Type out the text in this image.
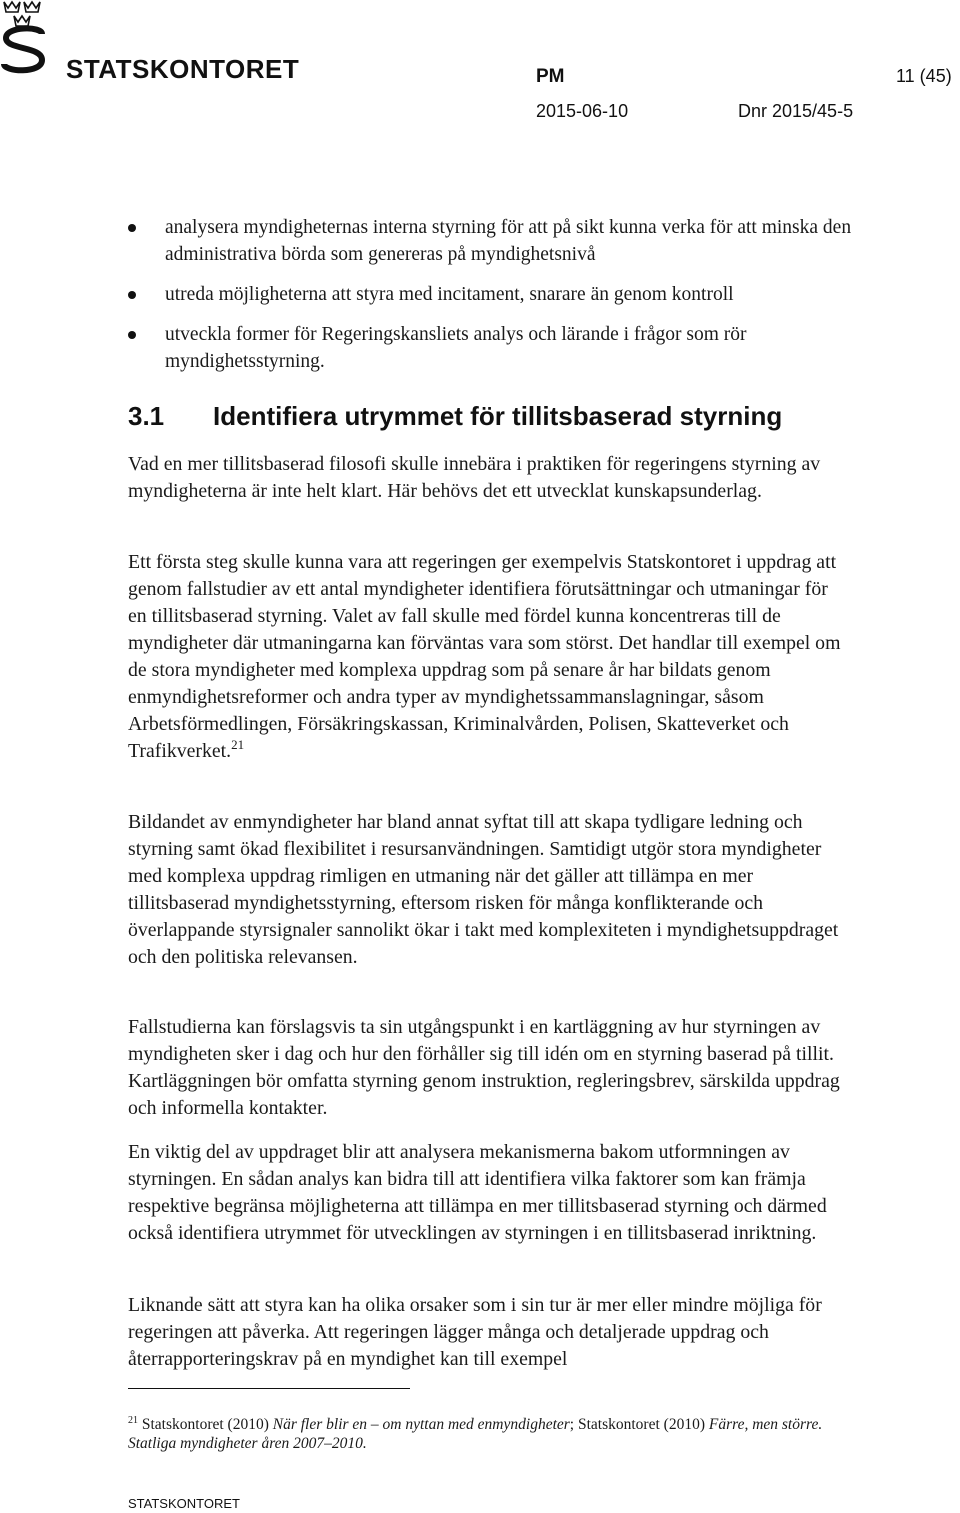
STATSKONTORET	PM	11 (45)
2015-06-10	Dnr 2015/45-5
analysera myndigheternas interna styrning för att på sikt kunna verka för att minska den administrativa börda som genereras på myndighetsnivå
utreda möjligheterna att styra med incitament, snarare än genom kontroll
utveckla former för Regeringskansliets analys och lärande i frågor som rör myndighetsstyrning.
3.1 Identifiera utrymmet för tillitsbaserad styrning

Vad en mer tillitsbaserad filosofi skulle innebära i praktiken för regeringens styrning av myndigheterna är inte helt klart. Här behövs det ett utvecklat kunskapsunderlag.

Ett första steg skulle kunna vara att regeringen ger exempelvis Statskontoret i uppdrag att genom fallstudier av ett antal myndigheter identifiera förutsättningar och utmaningar för en tillitsbaserad styrning. Valet av fall skulle med fördel kunna koncentreras till de myndigheter där utmaningarna kan förväntas vara som störst. Det handlar till exempel om de stora myndigheter med komplexa uppdrag som på senare år har bildats genom enmyndighetsreformer och andra typer av myndighetssammanslagningar, såsom Arbetsförmedlingen, Försäkringskassan, Kriminalvården, Polisen, Skatteverket och Trafikverket.$^{21}$

Bildandet av enmyndigheter har bland annat syftat till att skapa tydligare ledning och styrning samt ökad flexibilitet i resursanvändningen. Samtidigt utgör stora myndigheter med komplexa uppdrag rimligen en utmaning när det gäller att tillämpa en mer tillitsbaserad myndighetsstyrning, eftersom risken för många konflikterande och överlappande styrsignaler sannolikt ökar i takt med komplexiteten i myndighetsuppdraget och den politiska relevansen.

Fallstudierna kan förslagsvis ta sin utgångspunkt i en kartläggning av hur styrningen av myndigheten sker i dag och hur den förhåller sig till idén om en styrning baserad på tillit. Kartläggningen bör omfatta styrning genom instruktion, regleringsbrev, särskilda uppdrag och informella kontakter.

En viktig del av uppdraget blir att analysera mekanismerna bakom utformningen av styrningen. En sådan analys kan bidra till att identifiera vilka faktorer som kan främja respektive begränsa möjligheterna att tillämpa en mer tillitsbaserad styrning och därmed också identifiera utrymmet för utvecklingen av styrningen i en tillitsbaserad inriktning.

Liknande sätt att styra kan ha olika orsaker som i sin tur är mer eller mindre möjliga för regeringen att påverka. Att regeringen lägger många och detaljerade uppdrag och återrapporteringskrav på en myndighet kan till exempel

$^{21}$ Statskontoret (2010) När fler blir en – om nyttan med enmyndigheter; Statskontoret (2010) Färre, men större. Statliga myndigheter åren 2007–2010.

STATSKONTORET
